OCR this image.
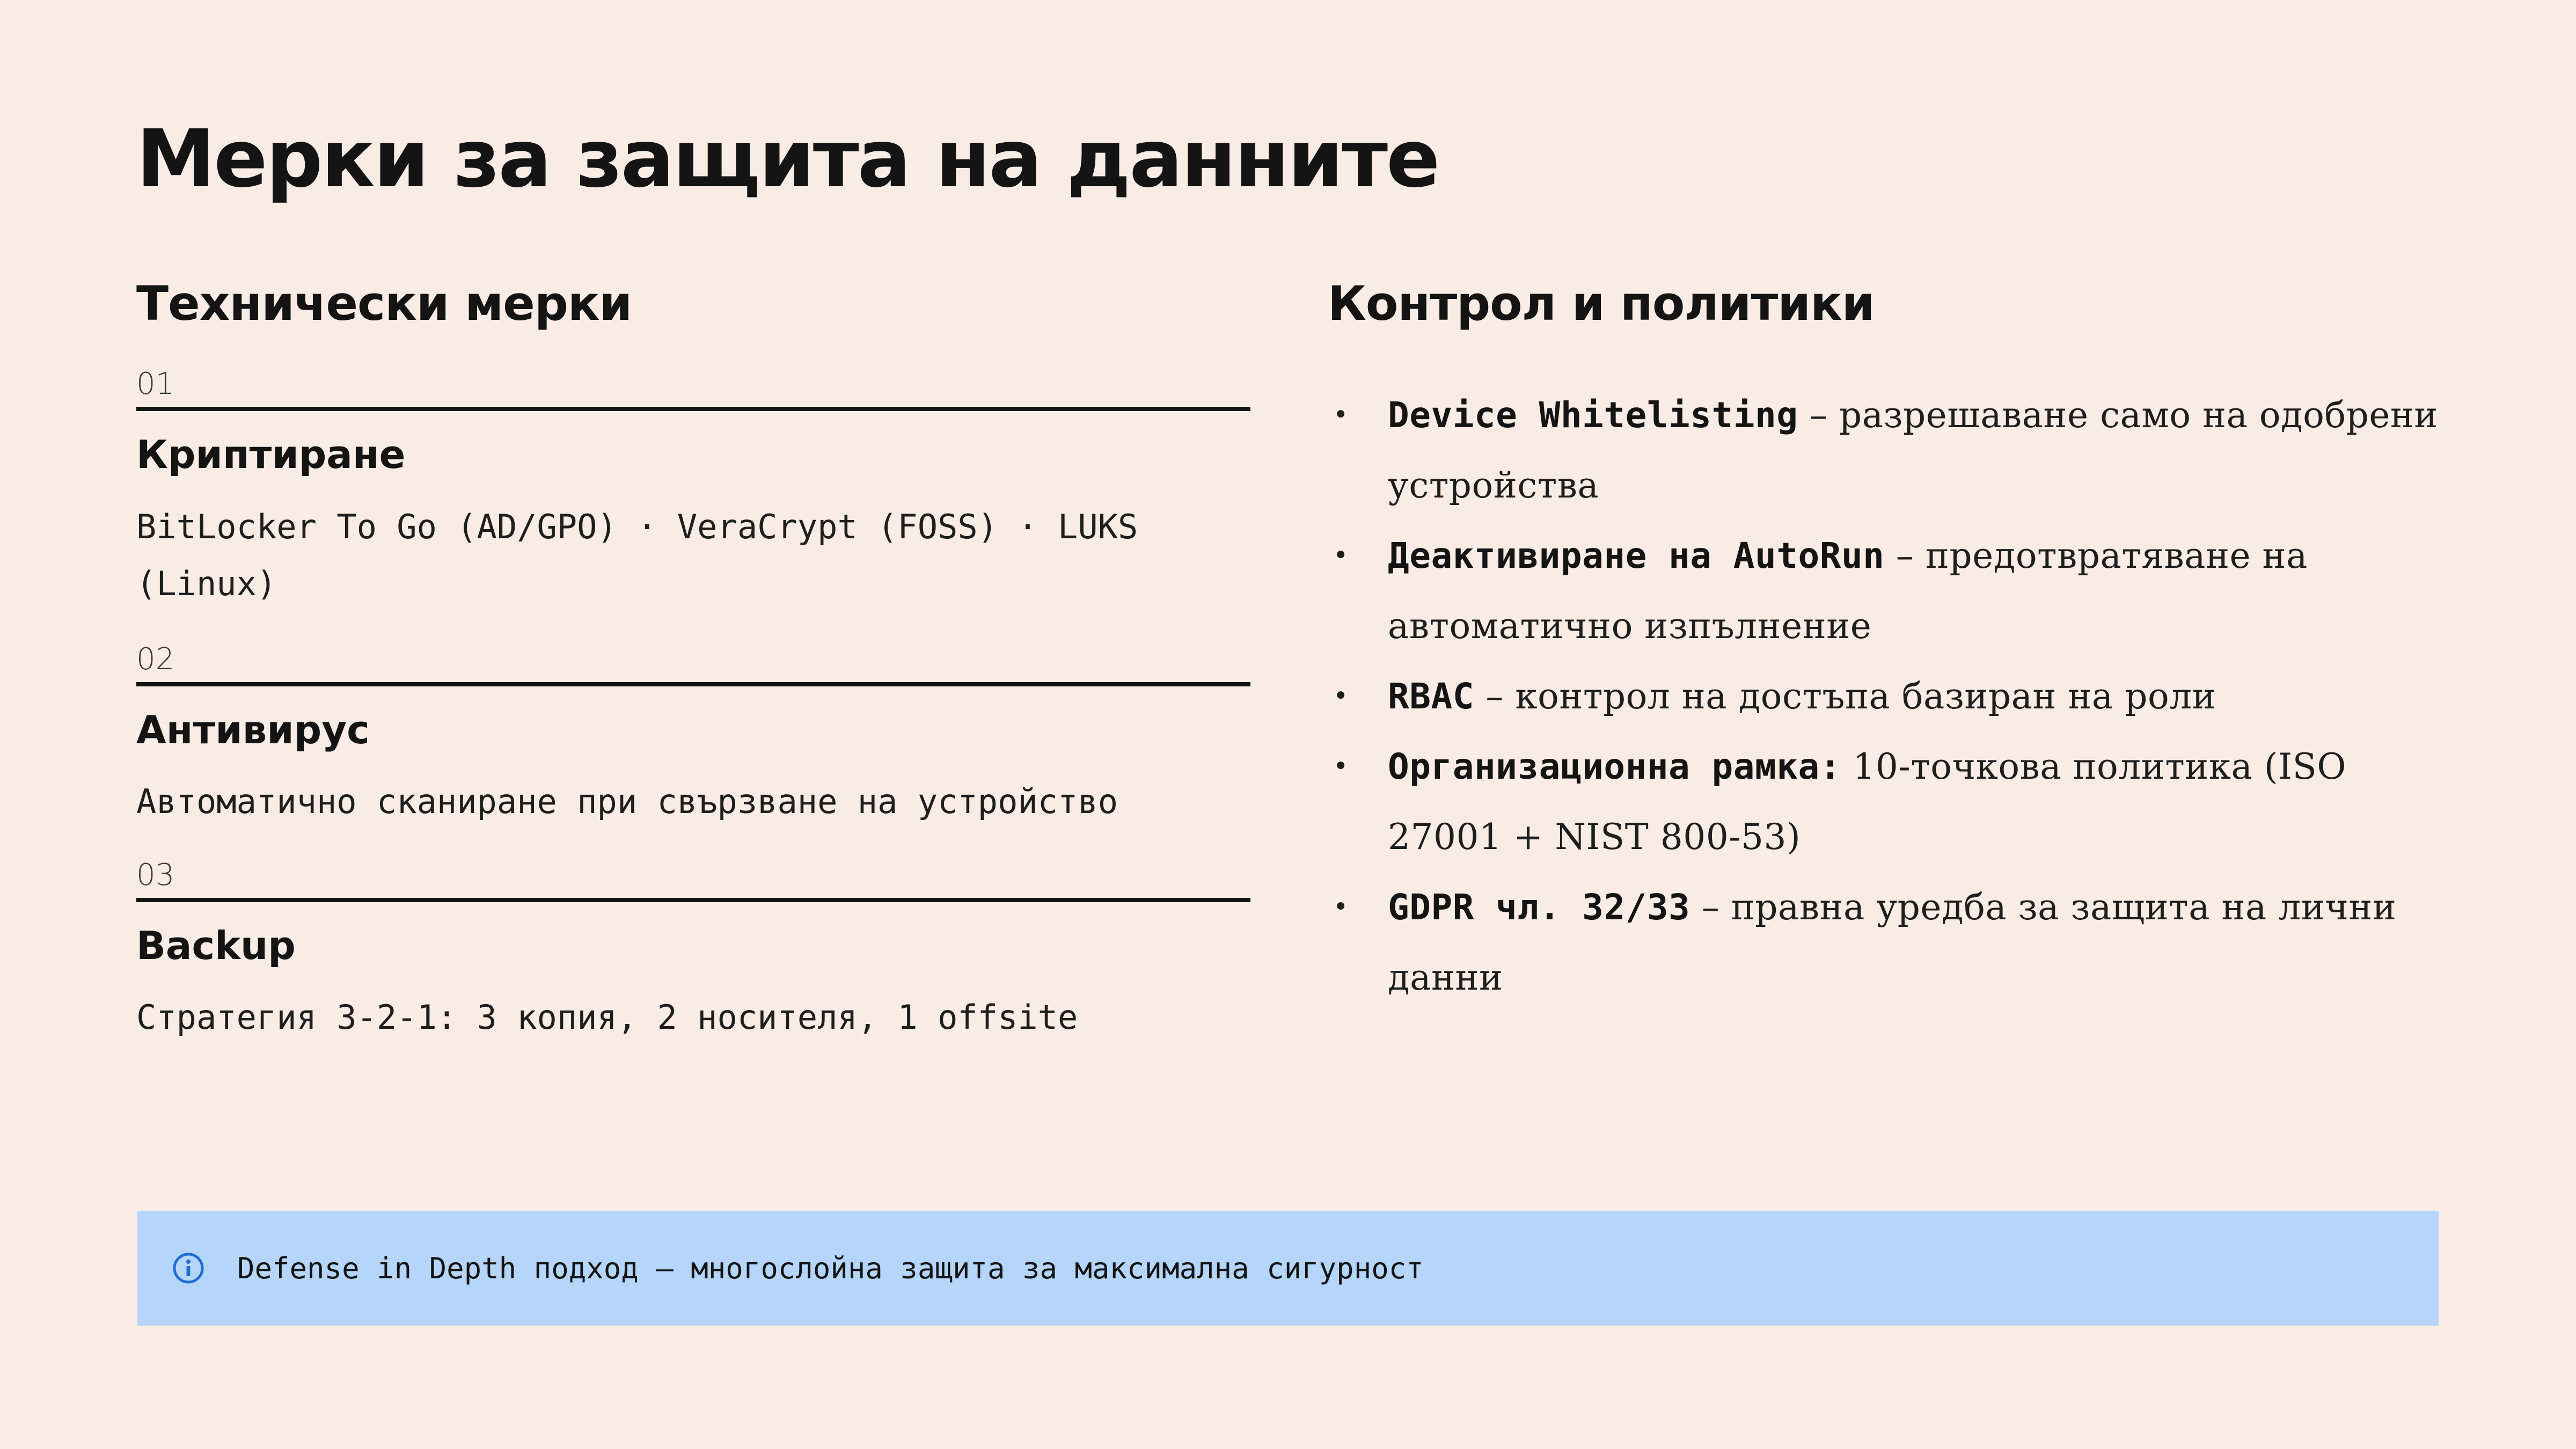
Мерки за защита на данните
Технически мерки
01
Криптиране
BitLocker To Go (AD/GPO) · VeraCrypt (FOSS) · LUKS (Linux)
02
Антивирус
Автоматично сканиране при свързване на устройство
03
Backup
Стратегия 3-2-1: 3 копия, 2 носителя, 1 offsite
Контрол и политики
• Device Whitelisting – разрешаване само на одобрени устройства
• Деактивиране на AutoRun – предотвратяване на автоматично изпълнение
• RBAC – контрол на достъпа базиран на роли
• Организационна рамка: 10-точкова политика (ISO 27001 + NIST 800-53)
• GDPR чл. 32/33 – правна уредба за защита на лични данни
Defense in Depth подход – многослойна защита за максимална сигурност
